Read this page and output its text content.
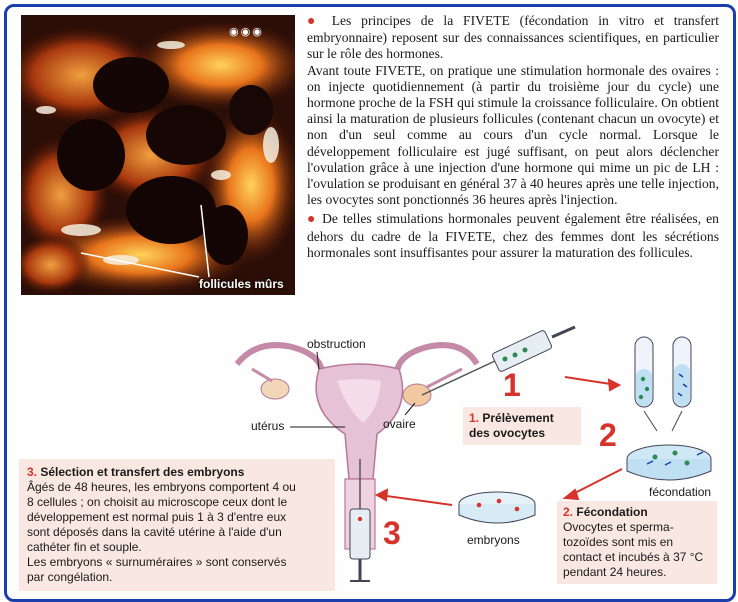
◉◉◉
follicules mûrs

● Les principes de la FIVETE (fécondation in vitro et transfert embryonnaire) reposent sur des connaissances scientifiques, en particulier sur le rôle des hormones.

Avant toute FIVETE, on pratique une stimulation hormonale des ovaires : on injecte quotidiennement (à partir du troisième jour du cycle) une hormone proche de la FSH qui stimule la croissance folliculaire. On obtient ainsi la maturation de plusieurs follicules (contenant chacun un ovocyte) et non d'un seul comme au cours d'un cycle normal. Lorsque le développement folliculaire est jugé suffisant, on peut alors déclencher l'ovulation grâce à une injection d'une hormone qui mime un pic de LH : l'ovulation se produisant en général 37 à 40 heures après une telle injection, les ovocytes sont ponctionnés 36 heures après l'injection.

● De telles stimulations hormonales peuvent également être réalisées, en dehors du cadre de la FIVETE, chez des femmes dont les sécrétions hormonales sont insuffisantes pour assurer la maturation des follicules.

obstruction
utérus	ovaire
fécondation
embryons
1
2
3
1. Prélèvement
des ovocytes
2. Fécondation
Ovocytes et sperma-
tozoïdes sont mis en
contact et incubés à 37 °C
pendant 24 heures.
3. Sélection et transfert des embryons
Âgés de 48 heures, les embryons comportent 4 ou
8 cellules ; on choisit au microscope ceux dont le
développement est normal puis 1 à 3 d'entre eux
sont déposés dans la cavité utérine à l'aide d'un
cathéter fin et souple.
Les embryons « surnuméraires » sont conservés
par congélation.
